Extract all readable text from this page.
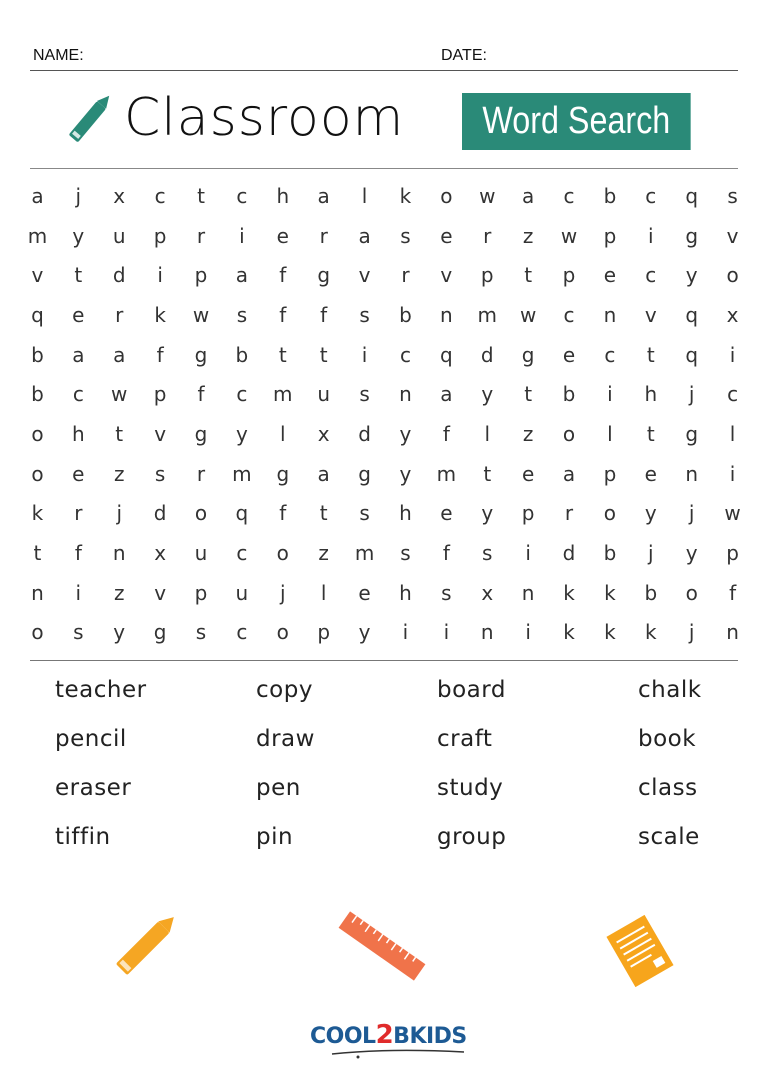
NAME:	DATE:
Classroom	Word Search
a	j	x	c	t	c	h	a	l	k	o	w	a	c	b	c	q	s
m	y	u	p	r	i	e	r	a	s	e	r	z	w	p	i	g	v
v	t	d	i	p	a	f	g	v	r	v	p	t	p	e	c	y	o
q	e	r	k	w	s	f	f	s	b	n	m	w	c	n	v	q	x
b	a	a	f	g	b	t	t	i	c	q	d	g	e	c	t	q	i
b	c	w	p	f	c	m	u	s	n	a	y	t	b	i	h	j	c
o	h	t	v	g	y	l	x	d	y	f	l	z	o	l	t	g	l
o	e	z	s	r	m	g	a	g	y	m	t	e	a	p	e	n	i
k	r	j	d	o	q	f	t	s	h	e	y	p	r	o	y	j	w
t	f	n	x	u	c	o	z	m	s	f	s	i	d	b	j	y	p
n	i	z	v	p	u	j	l	e	h	s	x	n	k	k	b	o	f
o	s	y	g	s	c	o	p	y	i	i	n	i	k	k	k	j	n
teacher	copy	board	chalk
pencil	draw	craft	book
eraser	pen	study	class
tiffin	pin	group	scale
COOL2BKIDS
